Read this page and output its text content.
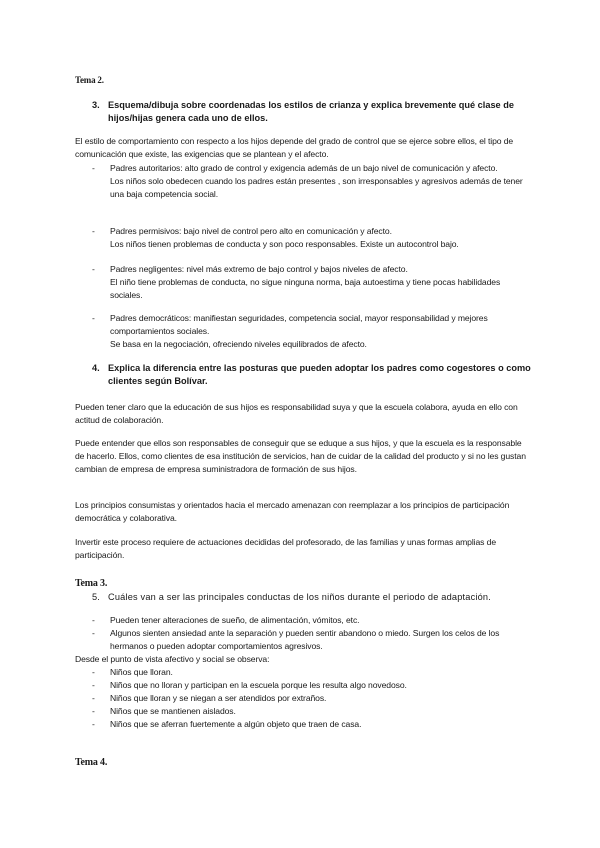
Tema 2.
3. Esquema/dibuja sobre coordenadas los estilos de crianza y explica brevemente qué clase de hijos/hijas genera cada uno de ellos.
El estilo de comportamiento con respecto a los hijos depende del grado de control que se ejerce sobre ellos, el tipo de comunicación que existe, las exigencias que se plantean y el afecto.
- Padres autoritarios: alto grado de control y exigencia además de un bajo nivel de comunicación y afecto.
Los niños solo obedecen cuando los padres están presentes , son irresponsables y agresivos además de tener una baja competencia social.
- Padres permisivos: bajo nivel de control pero alto en comunicación y afecto.
Los niños tienen problemas de conducta y son poco responsables. Existe un autocontrol bajo.
- Padres negligentes: nivel más extremo de bajo control y bajos niveles de afecto.
El niño tiene problemas de conducta, no sigue ninguna norma, baja autoestima y tiene pocas habilidades sociales.
- Padres democráticos: manifiestan seguridades, competencia social, mayor responsabilidad y mejores comportamientos sociales.
Se basa en la negociación, ofreciendo niveles equilibrados de afecto.
4. Explica la diferencia entre las posturas que pueden adoptar los padres como cogestores o como clientes según Bolívar.
Pueden tener claro que la educación de sus hijos es responsabilidad suya y que la escuela colabora, ayuda en ello con actitud de colaboración.
Puede entender que ellos son responsables de conseguir que se eduque a sus hijos, y que la escuela es la responsable de hacerlo. Ellos, como clientes de esa institución de servicios, han de cuidar de la calidad del producto y si no les gustan cambian de empresa de empresa suministradora de formación de sus hijos.
Los principios consumistas y orientados hacia el mercado amenazan con reemplazar a los principios de participación democrática y colaborativa.
Invertir este proceso requiere de actuaciones decididas del profesorado, de las familias y unas formas amplias de participación.
Tema 3.
5. Cuáles van a ser las principales conductas de los niños durante el periodo de adaptación.
- Pueden tener alteraciones de sueño, de alimentación, vómitos, etc.
- Algunos sienten ansiedad ante la separación y pueden sentir abandono o miedo. Surgen los celos de los hermanos o pueden adoptar comportamientos agresivos.
Desde el punto de vista afectivo y social se observa:
- Niños que lloran.
- Niños que no lloran y participan en la escuela porque les resulta algo novedoso.
- Niños que lloran y se niegan a ser atendidos por extraños.
- Niños que se mantienen aislados.
- Niños que se aferran fuertemente a algún objeto que traen de casa.
Tema 4.
